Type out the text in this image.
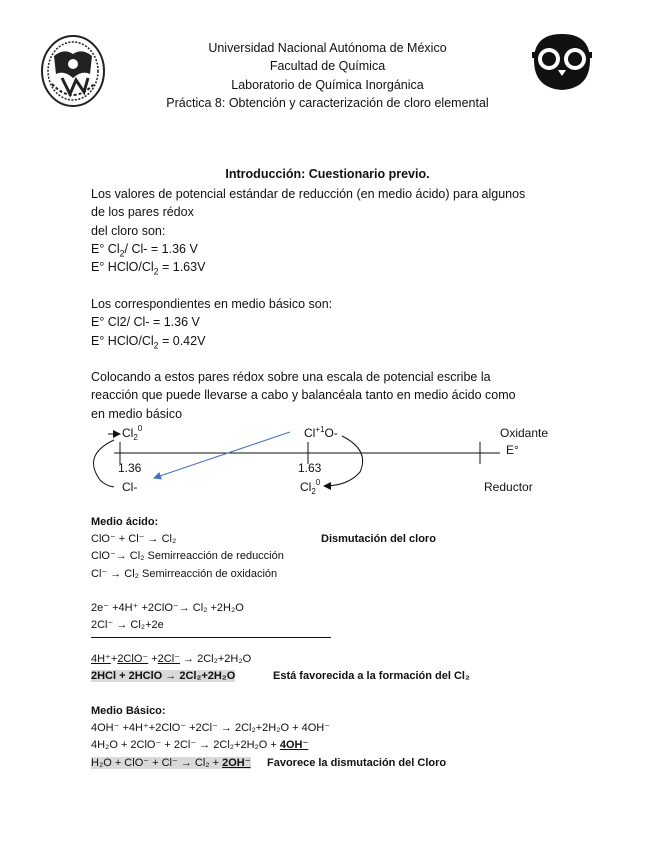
Universidad Nacional Autónoma de México
Facultad de Química
Laboratorio de Química Inorgánica
Práctica 8: Obtención y caracterización de cloro elemental
Introducción: Cuestionario previo.
Los valores de potencial estándar de reducción (en medio ácido) para algunos
de los pares rédox
del cloro son:
E° $Cl_2/$ Cl- = 1.36 V
E° HClO/$Cl_2 = 1.63V$
Los correspondientes en medio básico son:
E° Cl2/ Cl- = 1.36 V
E° HClO/$Cl_2 = 0.42V$
Colocando a estos pares rédox sobre una escala de potencial escribe la
reacción que puede llevarse a cabo y balancéala tanto en medio ácido como
en medio básico
$Cl_2^0$	$Cl^{+1}O-$	Oxidante
E°
1.36	1.63
Cl-	$Cl_2^0$	Reductor
Medio ácido:
ClO⁻ + Cl⁻ → Cl₂	Dismutación del cloro
ClO⁻→ Cl₂ Semirreacción de reducción
Cl⁻ → Cl₂ Semirreacción de oxidación
2e⁻ +4H⁺ +2ClO⁻→ Cl₂ +2H₂O
2Cl⁻ → Cl₂+2e
4H⁺+2ClO⁻ +2Cl⁻ → 2Cl₂+2H₂O
2HCl + 2HClO → 2Cl₂+2H₂O	Está favorecida a la formación del Cl₂
Medio Básico:
4OH⁻ +4H⁺+2ClO⁻ +2Cl⁻ → 2Cl₂+2H₂O + 4OH⁻
4H₂O + 2ClO⁻ + 2Cl⁻ → 2Cl₂+2H₂O + 4OH⁻
H₂O + ClO⁻ + Cl⁻ → Cl₂ + 2OH⁻ Favorece la dismutación del Cloro
